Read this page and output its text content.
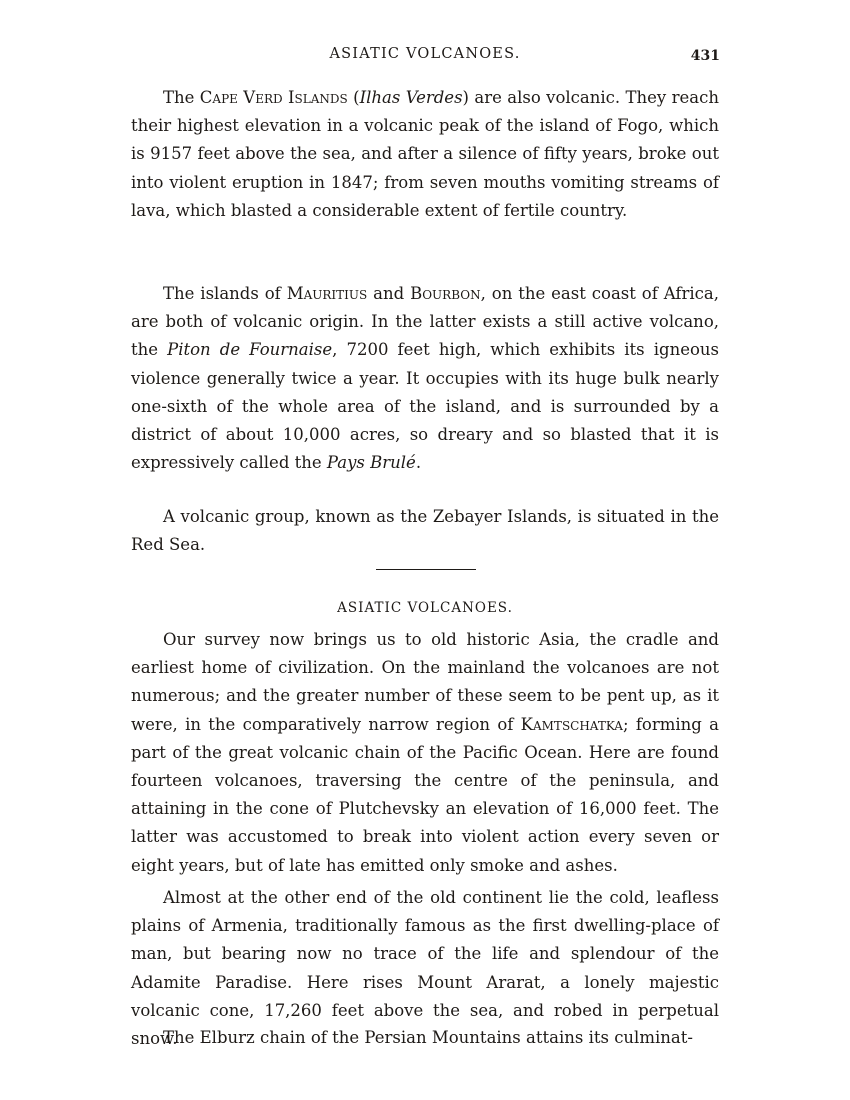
ASIATIC VOLCANOES.	431

The Cape Verd Islands (Ilhas Verdes) are also volcanic. They reach their highest elevation in a volcanic peak of the island of Fogo, which is 9157 feet above the sea, and after a silence of fifty years, broke out into violent eruption in 1847; from seven mouths vomiting streams of lava, which blasted a considerable extent of fertile country.

The islands of Mauritius and Bourbon, on the east coast of Africa, are both of volcanic origin. In the latter exists a still active volcano, the Piton de Fournaise, 7200 feet high, which exhibits its igneous violence generally twice a year. It occupies with its huge bulk nearly one-sixth of the whole area of the island, and is surrounded by a district of about 10,000 acres, so dreary and so blasted that it is expressively called the Pays Brulé.

A volcanic group, known as the Zebayer Islands, is situated in the Red Sea.

ASIATIC VOLCANOES.

Our survey now brings us to old historic Asia, the cradle and earliest home of civilization. On the mainland the volcanoes are not numerous; and the greater number of these seem to be pent up, as it were, in the comparatively narrow region of Kamtschatka; forming a part of the great volcanic chain of the Pacific Ocean. Here are found fourteen volcanoes, traversing the centre of the peninsula, and attaining in the cone of Plutchevsky an elevation of 16,000 feet. The latter was accustomed to break into violent action every seven or eight years, but of late has emitted only smoke and ashes.

Almost at the other end of the old continent lie the cold, leafless plains of Armenia, traditionally famous as the first dwelling-place of man, but bearing now no trace of the life and splendour of the Adamite Paradise. Here rises Mount Ararat, a lonely majestic volcanic cone, 17,260 feet above the sea, and robed in perpetual snow.

The Elburz chain of the Persian Mountains attains its culminat-
